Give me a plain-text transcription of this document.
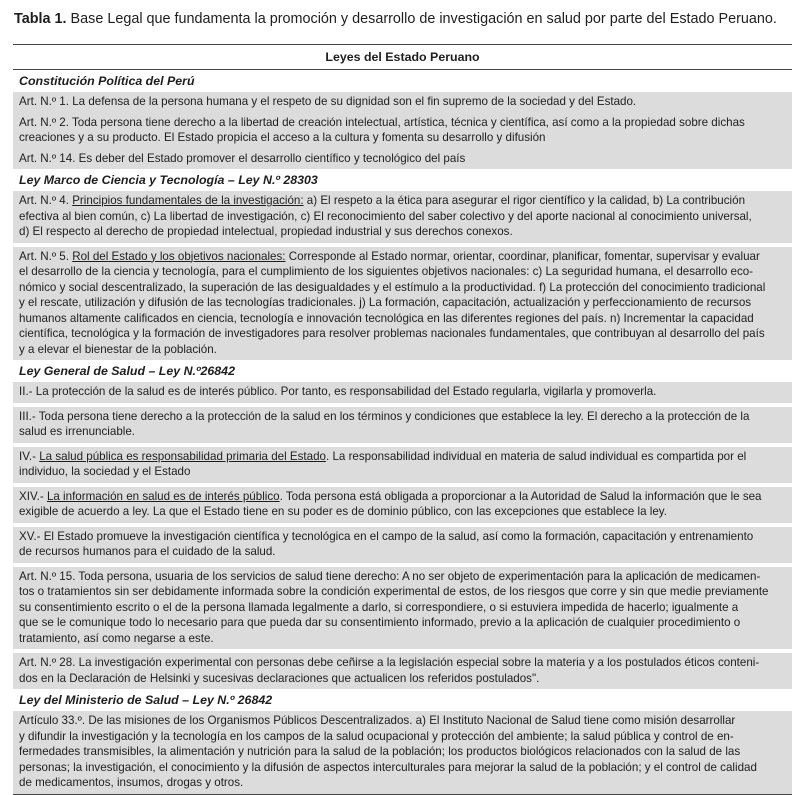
Tabla 1. Base Legal que fundamenta la promoción y desarrollo de investigación en salud por parte del Estado Peruano.
Leyes del Estado Peruano
Constitución Política del Perú
Art. N.º 1. La defensa de la persona humana y el respeto de su dignidad son el fin supremo de la sociedad y del Estado.
Art. N.º 2. Toda persona tiene derecho a la libertad de creación intelectual, artística, técnica y científica, así como a la propiedad sobre dichas
creaciones y a su producto. El Estado propicia el acceso a la cultura y fomenta su desarrollo y difusión
Art. N.º 14. Es deber del Estado promover el desarrollo científico y tecnológico del país
Ley Marco de Ciencia y Tecnología – Ley N.º 28303
Art. N.º 4. Principios fundamentales de la investigación: a) El respeto a la ética para asegurar el rigor científico y la calidad, b) La contribución
efectiva al bien común, c) La libertad de investigación, c) El reconocimiento del saber colectivo y del aporte nacional al conocimiento universal,
d) El respecto al derecho de propiedad intelectual, propiedad industrial y sus derechos conexos.
Art. N.º 5. Rol del Estado y los objetivos nacionales: Corresponde al Estado normar, orientar, coordinar, planificar, fomentar, supervisar y evaluar
el desarrollo de la ciencia y tecnología, para el cumplimiento de los siguientes objetivos nacionales: c) La seguridad humana, el desarrollo eco-
nómico y social descentralizado, la superación de las desigualdades y el estímulo a la productividad. f) La protección del conocimiento tradicional
y el rescate, utilización y difusión de las tecnologías tradicionales. j) La formación, capacitación, actualización y perfeccionamiento de recursos
humanos altamente calificados en ciencia, tecnología e innovación tecnológica en las diferentes regiones del país. n) Incrementar la capacidad
científica, tecnológica y la formación de investigadores para resolver problemas nacionales fundamentales, que contribuyan al desarrollo del país
y a elevar el bienestar de la población.
Ley General de Salud – Ley N.º26842
II.- La protección de la salud es de interés público. Por tanto, es responsabilidad del Estado regularla, vigilarla y promoverla.
III.- Toda persona tiene derecho a la protección de la salud en los términos y condiciones que establece la ley. El derecho a la protección de la
salud es irrenunciable.
IV.- La salud pública es responsabilidad primaria del Estado. La responsabilidad individual en materia de salud individual es compartida por el
individuo, la sociedad y el Estado
XIV.- La información en salud es de interés público. Toda persona está obligada a proporcionar a la Autoridad de Salud la información que le sea
exigible de acuerdo a ley. La que el Estado tiene en su poder es de dominio público, con las excepciones que establece la ley.
XV.- El Estado promueve la investigación científica y tecnológica en el campo de la salud, así como la formación, capacitación y entrenamiento
de recursos humanos para el cuidado de la salud.
Art. N.º 15. Toda persona, usuaria de los servicios de salud tiene derecho: A no ser objeto de experimentación para la aplicación de medicamen-
tos o tratamientos sin ser debidamente informada sobre la condición experimental de estos, de los riesgos que corre y sin que medie previamente
su consentimiento escrito o el de la persona llamada legalmente a darlo, si correspondiere, o si estuviera impedida de hacerlo; igualmente a
que se le comunique todo lo necesario para que pueda dar su consentimiento informado, previo a la aplicación de cualquier procedimiento o
tratamiento, así como negarse a este.
Art. N.º 28. La investigación experimental con personas debe ceñirse a la legislación especial sobre la materia y a los postulados éticos conteni-
dos en la Declaración de Helsinki y sucesivas declaraciones que actualicen los referidos postulados".
Ley del Ministerio de Salud – Ley N.º 26842
Artículo 33.º. De las misiones de los Organismos Públicos Descentralizados. a) El Instituto Nacional de Salud tiene como misión desarrollar
y difundir la investigación y la tecnología en los campos de la salud ocupacional y protección del ambiente; la salud pública y control de en-
fermedades transmisibles, la alimentación y nutrición para la salud de la población; los productos biológicos relacionados con la salud de las
personas; la investigación, el conocimiento y la difusión de aspectos interculturales para mejorar la salud de la población; y el control de calidad
de medicamentos, insumos, drogas y otros.
